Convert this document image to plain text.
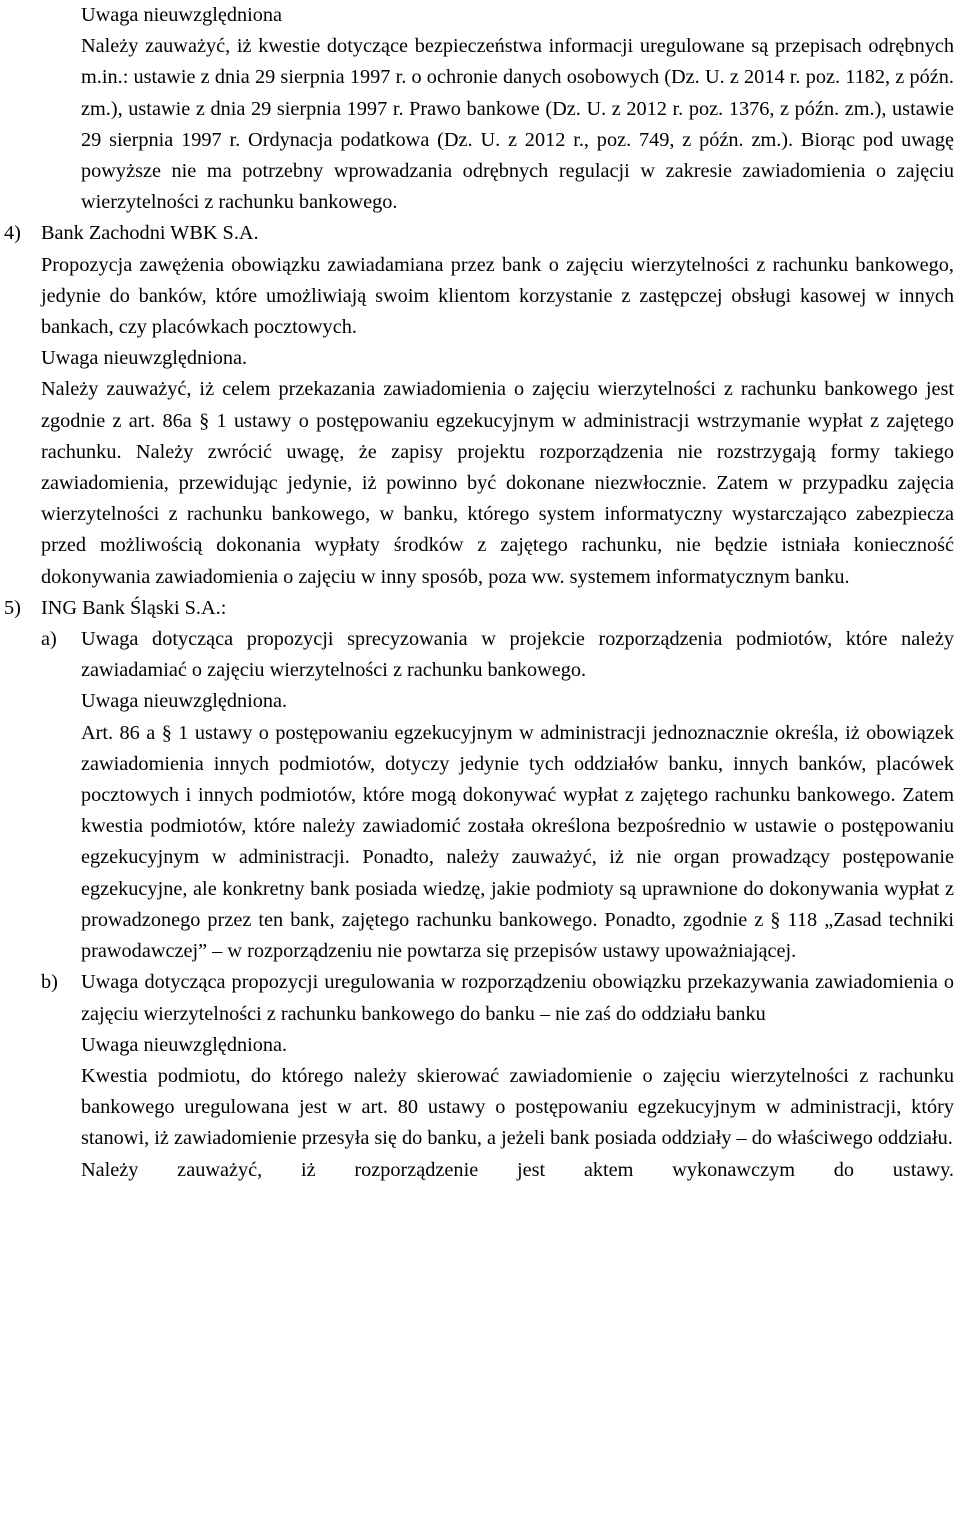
Uwaga nieuwzględniona
Należy zauważyć, iż kwestie dotyczące bezpieczeństwa informacji uregulowane są przepisach odrębnych m.in.: ustawie z dnia 29 sierpnia 1997 r. o ochronie danych osobowych (Dz. U. z 2014 r. poz. 1182, z późn. zm.), ustawie z dnia 29 sierpnia 1997 r. Prawo bankowe (Dz. U. z 2012 r. poz. 1376, z późn. zm.), ustawie 29 sierpnia 1997 r. Ordynacja podatkowa (Dz. U. z 2012 r., poz. 749, z późn. zm.). Biorąc pod uwagę powyższe nie ma potrzebny wprowadzania odrębnych regulacji w zakresie zawiadomienia o zajęciu wierzytelności z rachunku bankowego.
4) Bank Zachodni WBK S.A.
Propozycja zawężenia obowiązku zawiadamiana przez bank o zajęciu wierzytelności z rachunku bankowego, jedynie do banków, które umożliwiają swoim klientom korzystanie z zastępczej obsługi kasowej w innych bankach, czy placówkach pocztowych.
Uwaga nieuwzględniona.
Należy zauważyć, iż celem przekazania zawiadomienia o zajęciu wierzytelności z rachunku bankowego jest zgodnie z art. 86a § 1 ustawy o postępowaniu egzekucyjnym w administracji wstrzymanie wypłat z zajętego rachunku. Należy zwrócić uwagę, że zapisy projektu rozporządzenia nie rozstrzygają formy takiego zawiadomienia, przewidując jedynie, iż powinno być dokonane niezwłocznie. Zatem w przypadku zajęcia wierzytelności z rachunku bankowego, w banku, którego system informatyczny wystarczająco zabezpiecza przed możliwością dokonania wypłaty środków z zajętego rachunku, nie będzie istniała konieczność dokonywania zawiadomienia o zajęciu w inny sposób, poza ww. systemem informatycznym banku.
5) ING Bank Śląski S.A.:
a) Uwaga dotycząca propozycji sprecyzowania w projekcie rozporządzenia podmiotów, które należy zawiadamiać o zajęciu wierzytelności z rachunku bankowego.
Uwaga nieuwzględniona.
Art. 86 a § 1 ustawy o postępowaniu egzekucyjnym w administracji jednoznacznie określa, iż obowiązek zawiadomienia innych podmiotów, dotyczy jedynie tych oddziałów banku, innych banków, placówek pocztowych i innych podmiotów, które mogą dokonywać wypłat z zajętego rachunku bankowego. Zatem kwestia podmiotów, które należy zawiadomić została określona bezpośrednio w ustawie o postępowaniu egzekucyjnym w administracji. Ponadto, należy zauważyć, iż nie organ prowadzący postępowanie egzekucyjne, ale konkretny bank posiada wiedzę, jakie podmioty są uprawnione do dokonywania wypłat z prowadzonego przez ten bank, zajętego rachunku bankowego. Ponadto, zgodnie z § 118 „Zasad techniki prawodawczej” – w rozporządzeniu nie powtarza się przepisów ustawy upoważniającej.
b) Uwaga dotycząca propozycji uregulowania w rozporządzeniu obowiązku przekazywania zawiadomienia o zajęciu wierzytelności z rachunku bankowego do banku – nie zaś do oddziału banku
Uwaga nieuwzględniona.
Kwestia podmiotu, do którego należy skierować zawiadomienie o zajęciu wierzytelności z rachunku bankowego uregulowana jest w art. 80 ustawy o postępowaniu egzekucyjnym w administracji, który stanowi, iż zawiadomienie przesyła się do banku, a jeżeli bank posiada oddziały – do właściwego oddziału.
Należy zauważyć, iż rozporządzenie jest aktem wykonawczym do ustawy.
